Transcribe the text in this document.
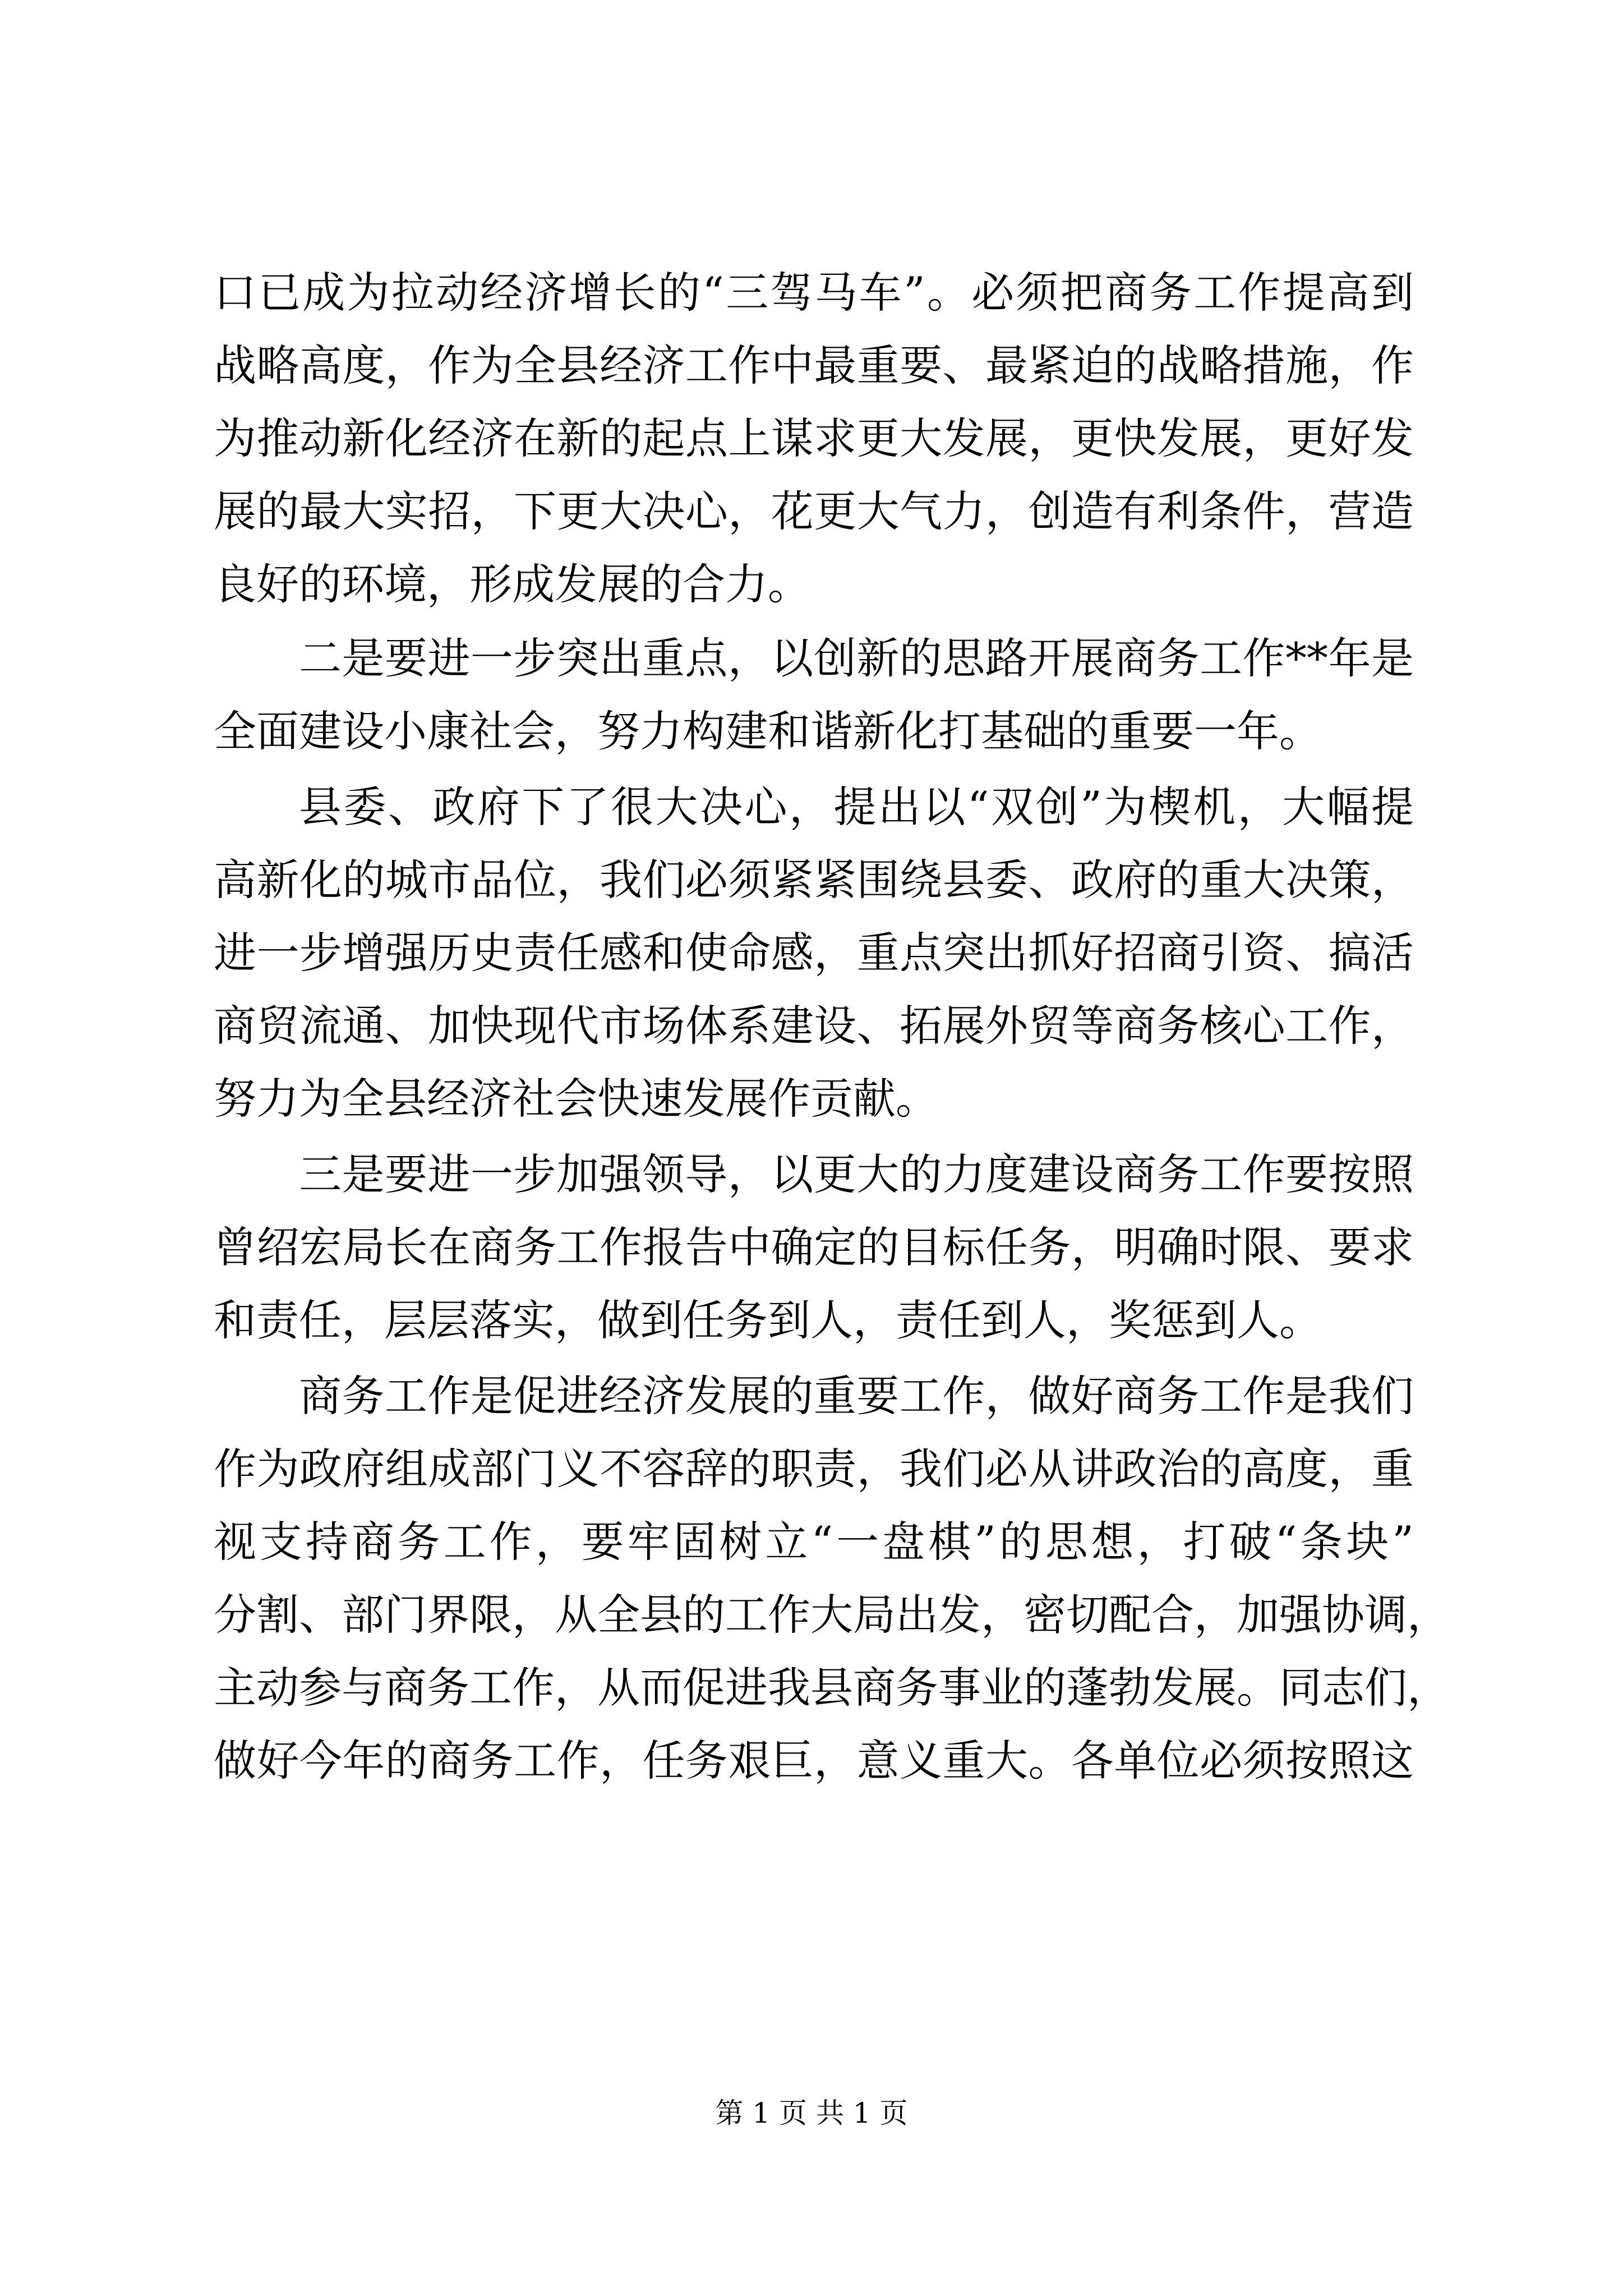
口已成为拉动经济增长的“三驾马车”。必须把商务工作提高到
战略高度，作为全县经济工作中最重要、最紧迫的战略措施，作
为推动新化经济在新的起点上谋求更大发展，更快发展，更好发
展的最大实招，下更大决心，花更大气力，创造有利条件，营造
良好的环境，形成发展的合力。
二是要进一步突出重点，以创新的思路开展商务工作**年是
全面建设小康社会，努力构建和谐新化打基础的重要一年。
县委、政府下了很大决心，提出以“双创”为楔机，大幅提
高新化的城市品位，我们必须紧紧围绕县委、政府的重大决策，
进一步增强历史责任感和使命感，重点突出抓好招商引资、搞活
商贸流通、加快现代市场体系建设、拓展外贸等商务核心工作，
努力为全县经济社会快速发展作贡献。
三是要进一步加强领导，以更大的力度建设商务工作要按照
曾绍宏局长在商务工作报告中确定的目标任务，明确时限、要求
和责任，层层落实，做到任务到人，责任到人，奖惩到人。
商务工作是促进经济发展的重要工作，做好商务工作是我们
作为政府组成部门义不容辞的职责，我们必从讲政治的高度，重
视支持商务工作，要牢固树立“一盘棋”的思想，打破“条块”
分割、部门界限，从全县的工作大局出发，密切配合，加强协调，
主动参与商务工作，从而促进我县商务事业的蓬勃发展。同志们，
做好今年的商务工作，任务艰巨，意义重大。各单位必须按照这
第 1 页 共 1 页
